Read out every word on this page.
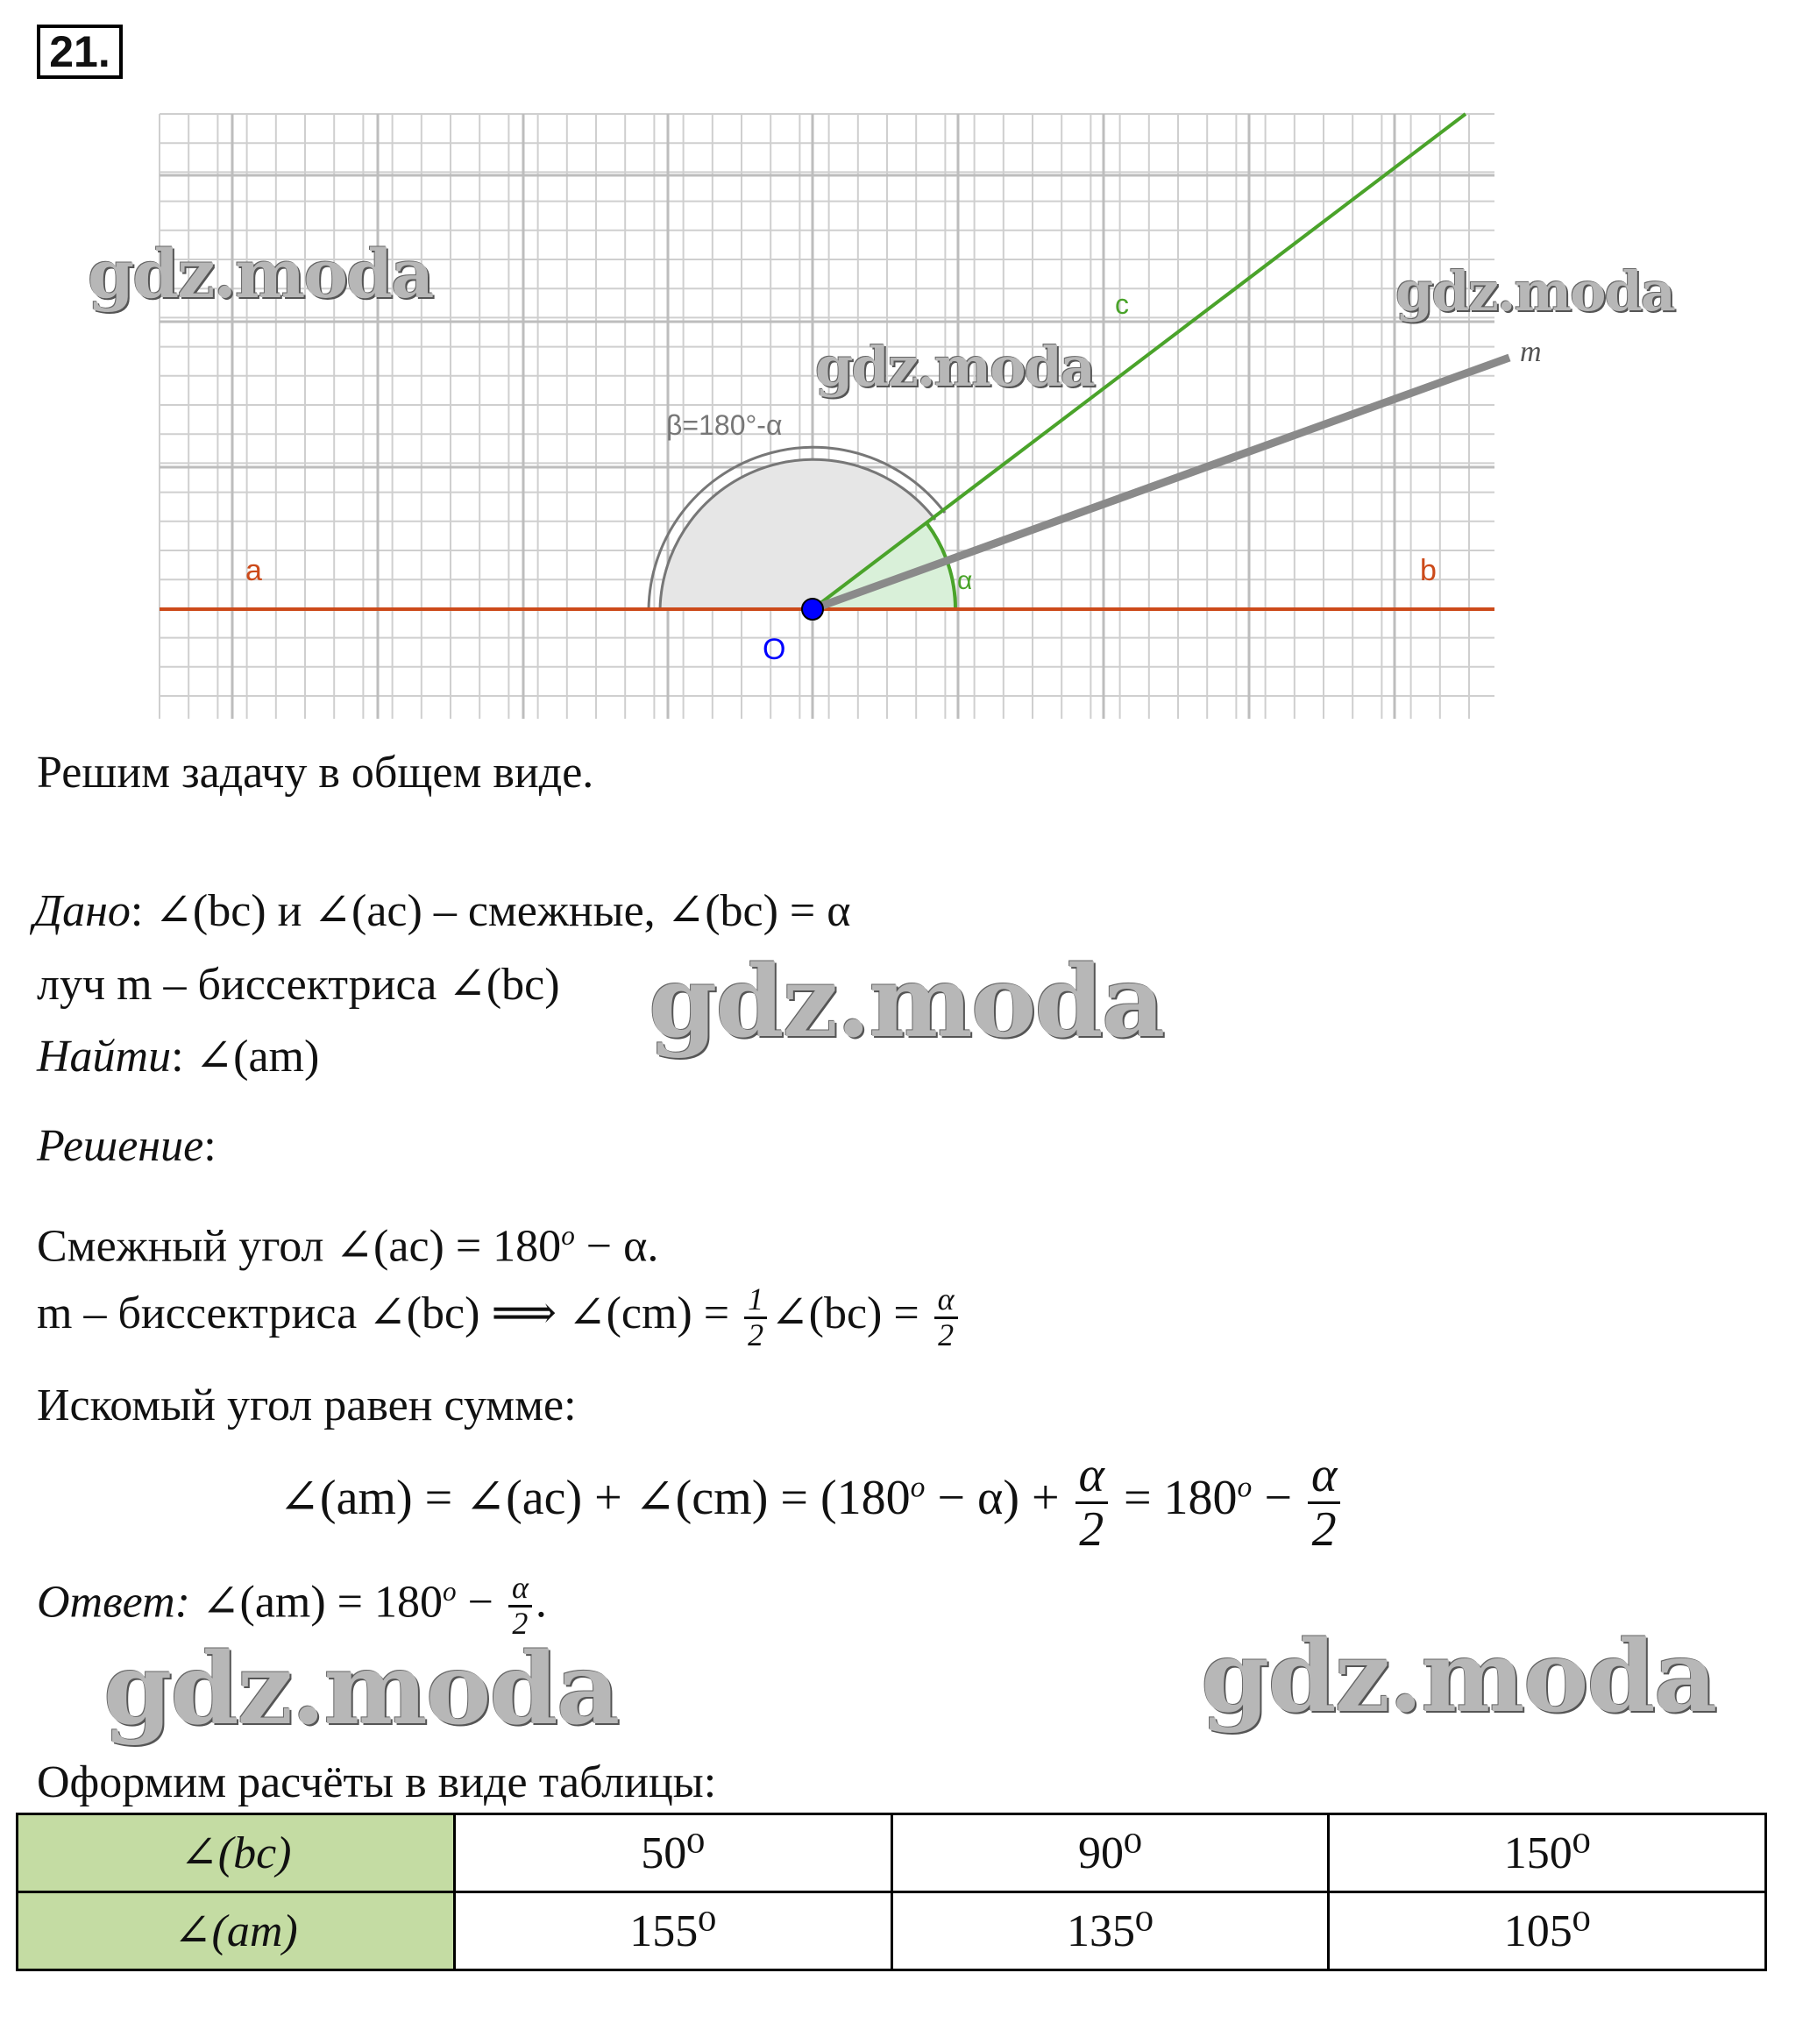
21.
a	b
c
m
O
α
β=180°-α
gdz.moda	gdz.moda
gdz.moda
gdz.moda
gdz.moda	gdz.moda
Решим задачу в общем виде.
Дано: ∠(bc) и ∠(ac) – смежные, ∠(bc) = α
луч m – биссектриса ∠(bc)
Найти: ∠(am)
Решение:
Смежный угол ∠(ac) = $180^o - \alpha$.
m – биссектриса ∠(bc) ⟹ ∠(cm) = $\frac{1}{2}$ ∠(bc) = $\frac{\alpha}{2}$
Искомый угол равен сумме:
∠(am) = ∠(ac) + ∠(cm) = $(180^o - \alpha) + \frac{\alpha}{2} = 180^o - \frac{\alpha}{2}$
Ответ: ∠(am) = $180^o - \frac{\alpha}{2}$ .
Оформим расчёты в виде таблицы:
∠(bc)	50⁰	90⁰	150⁰
∠(am)	155⁰	135⁰	105⁰
